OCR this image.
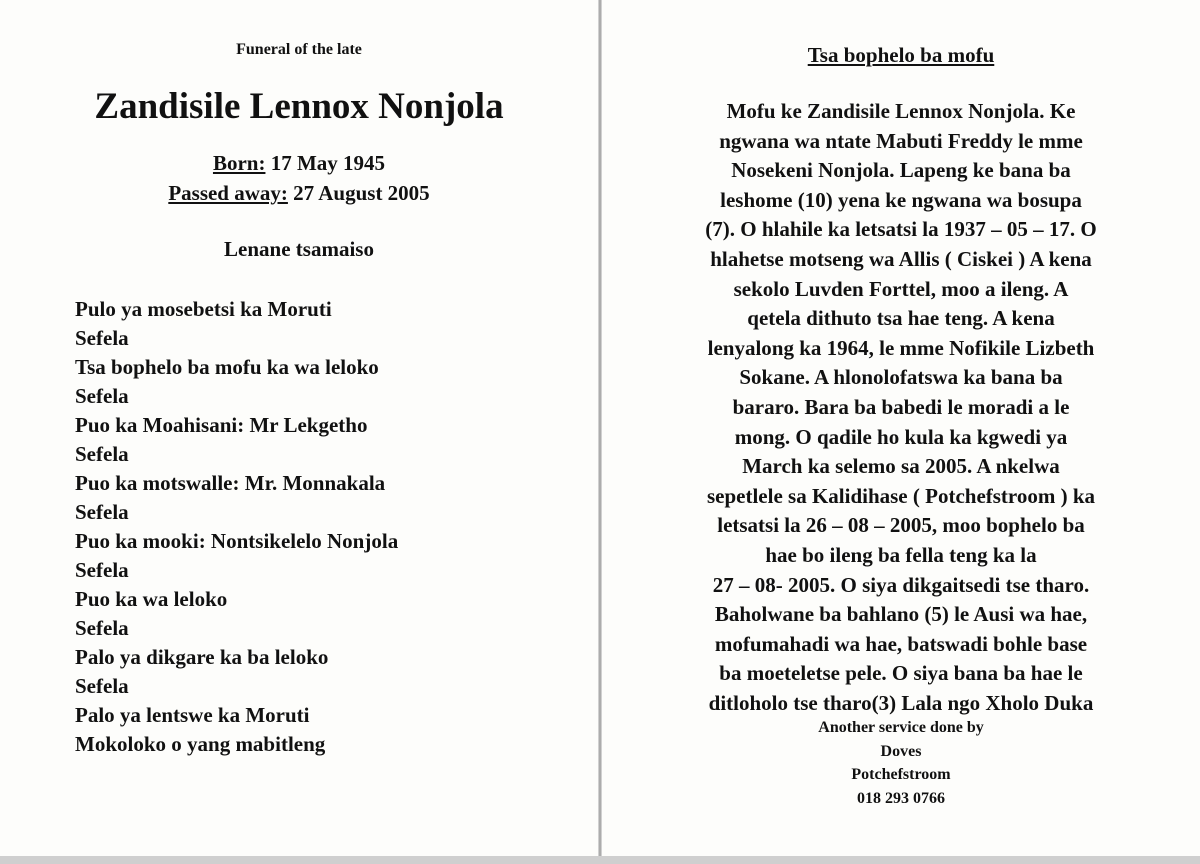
Funeral of the late
Zandisile Lennox Nonjola
Born: 17 May 1945
Passed away: 27 August 2005
Lenane tsamaiso
Pulo ya mosebetsi ka Moruti
Sefela
Tsa bophelo ba mofu ka wa leloko
Sefela
Puo ka Moahisani: Mr Lekgetho
Sefela
Puo ka motswalle: Mr. Monnakala
Sefela
Puo ka mooki: Nontsikelelo Nonjola
Sefela
Puo ka wa leloko
Sefela
Palo ya dikgare ka ba leloko
Sefela
Palo ya lentswe ka Moruti
Mokoloko o yang mabitleng
Tsa bophelo ba mofu
Mofu ke Zandisile Lennox Nonjola. Ke
ngwana wa ntate Mabuti Freddy le mme
Nosekeni Nonjola. Lapeng ke bana ba
leshome (10) yena ke ngwana wa bosupa
(7). O hlahile ka letsatsi la 1937 – 05 – 17. O
hlahetse motseng wa Allis ( Ciskei ) A kena
sekolo Luvden Forttel, moo a ileng. A
qetela dithuto tsa hae teng. A kena
lenyalong ka 1964, le mme Nofikile Lizbeth
Sokane. A hlonolofatswa ka bana ba
bararo. Bara ba babedi le moradi a le
mong. O qadile ho kula ka kgwedi ya
March ka selemo sa 2005. A nkelwa
sepetlele sa Kalidihase ( Potchefstroom ) ka
letsatsi la 26 – 08 – 2005, moo bophelo ba
hae bo ileng ba fella teng ka la
27 – 08- 2005. O siya dikgaitsedi tse tharo.
Baholwane ba bahlano (5) le Ausi wa hae,
mofumahadi wa hae, batswadi bohle base
ba moeteletse pele. O siya bana ba hae le
ditloholo tse tharo(3) Lala ngo Xholo Duka
Another service done by
Doves
Potchefstroom
018 293 0766
